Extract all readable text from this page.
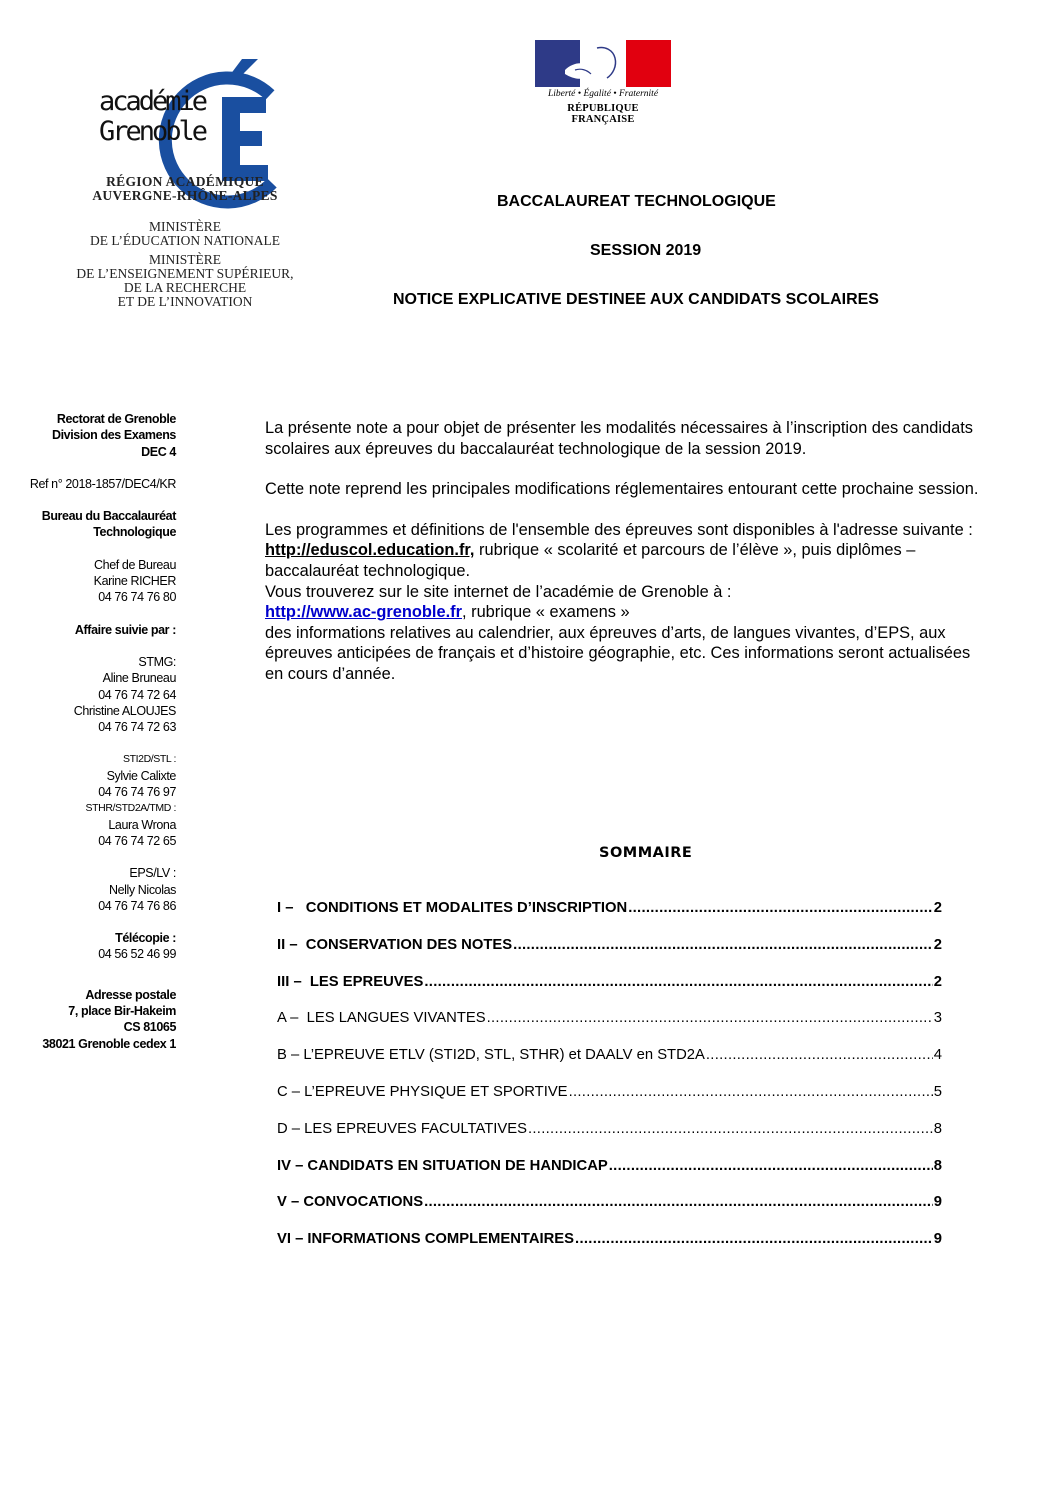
académie
Grenoble
RÉGION ACADÉMIQUE
AUVERGNE-RHÔNE-ALPES
MINISTÈRE
DE L’ÉDUCATION NATIONALE
MINISTÈRE
DE L’ENSEIGNEMENT SUPÉRIEUR,
DE LA RECHERCHE
ET DE L’INNOVATION
Liberté • Égalité • Fraternité
RÉPUBLIQUE FRANÇAISE
BACCALAUREAT TECHNOLOGIQUE
SESSION 2019
NOTICE EXPLICATIVE DESTINEE AUX CANDIDATS SCOLAIRES
Rectorat de Grenoble
Division des Examens
DEC 4
Ref n° 2018-1857/DEC4/KR
Bureau du Baccalauréat
Technologique
Chef de Bureau
Karine RICHER
04 76 74 76 80
Affaire suivie par :
STMG:
Aline Bruneau
04 76 74 72 64
Christine ALOUJES
04 76 74 72 63
STI2D/STL :
Sylvie Calixte
04 76 74 76 97
STHR/STD2A/TMD :
Laura Wrona
04 76 74 72 65
EPS/LV :
Nelly Nicolas
04 76 74 76 86
Télécopie :
04 56 52 46 99
Adresse postale
7, place Bir-Hakeim
CS 81065
38021 Grenoble cedex 1

La présente note a pour objet de présenter les modalités nécessaires à l’inscription des candidats scolaires aux épreuves du baccalauréat technologique de la session 2019.

Cette note reprend les principales modifications réglementaires entourant cette prochaine session.

Les programmes et définitions de l'ensemble des épreuves sont disponibles à l'adresse suivante :

http://eduscol.education.fr, rubrique « scolarité et parcours de l’élève », puis diplômes – baccalauréat technologique.

Vous trouverez sur le site internet de l’académie de Grenoble à :

http://www.ac-grenoble.fr, rubrique « examens »

des informations relatives au calendrier, aux épreuves d’arts, de langues vivantes, d’EPS, aux épreuves anticipées de français et d’histoire géographie, etc. Ces informations seront actualisées en cours d’année.

SOMMAIRE
I –   CONDITIONS ET MODALITES D’INSCRIPTION .....	2
II –  CONSERVATION DES NOTES .....	2
III –  LES EPREUVES .....	2
A –  LES LANGUES VIVANTES .....	3
B – L’EPREUVE ETLV (STI2D, STL, STHR) et DAALV en STD2A .....	4
C – L’EPREUVE PHYSIQUE ET SPORTIVE .....	5
D – LES EPREUVES FACULTATIVES .....	8
IV – CANDIDATS EN SITUATION DE HANDICAP .....	8
V – CONVOCATIONS .....	9
VI – INFORMATIONS COMPLEMENTAIRES .....	9
